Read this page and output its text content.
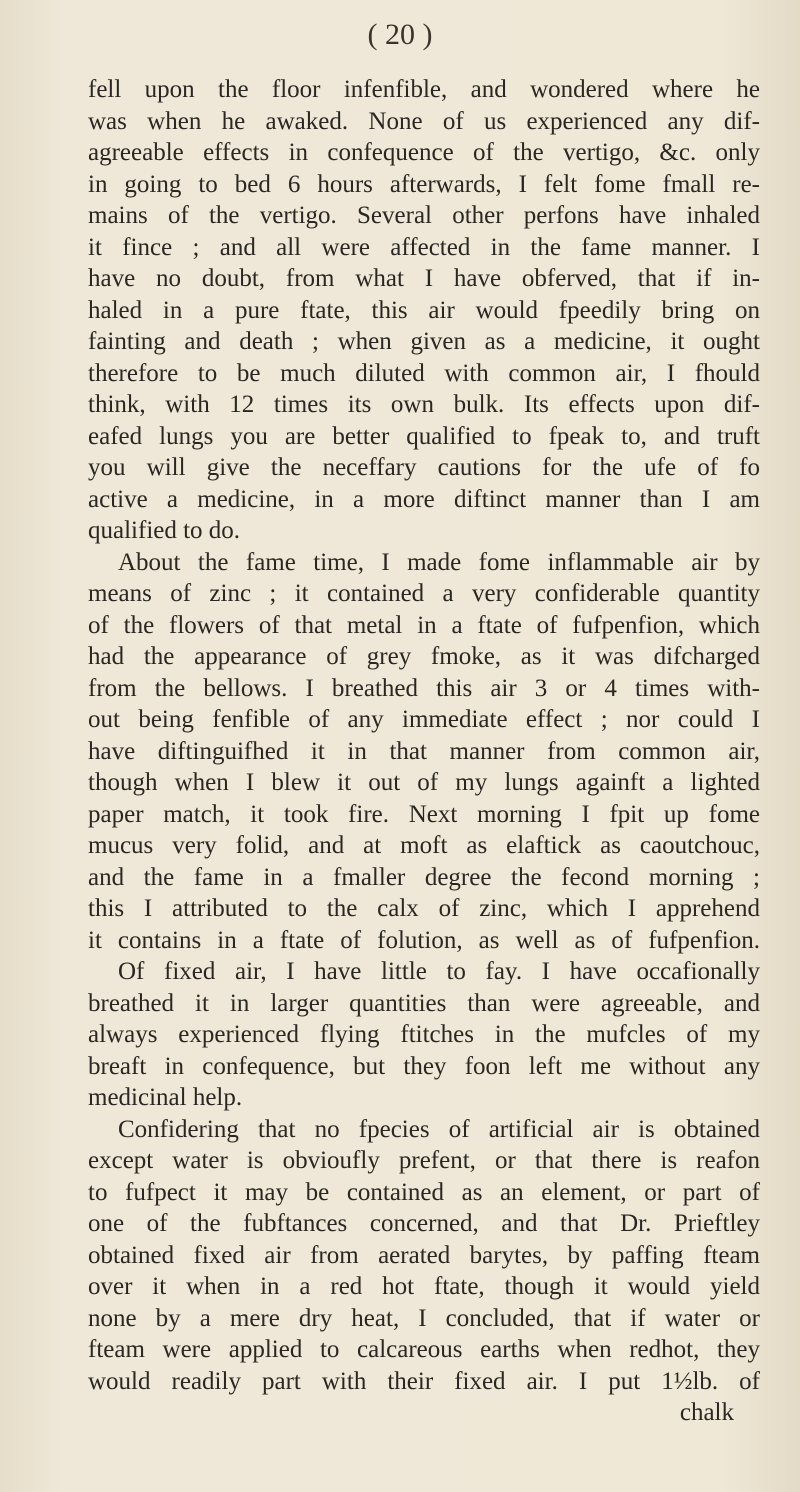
( 20 )
fell upon the floor infenfible, and wondered where he
was when he awaked. None of us experienced any dif-
agreeable effects in confequence of the vertigo, &c. only
in going to bed 6 hours afterwards, I felt fome fmall re-
mains of the vertigo. Several other perfons have inhaled
it fince ; and all were affected in the fame manner. I
have no doubt, from what I have obferved, that if in-
haled in a pure ftate, this air would fpeedily bring on
fainting and death ; when given as a medicine, it ought
therefore to be much diluted with common air, I fhould
think, with 12 times its own bulk. Its effects upon dif-
eafed lungs you are better qualified to fpeak to, and truft
you will give the neceffary cautions for the ufe of fo
active a medicine, in a more diftinct manner than I am
qualified to do.
About the fame time, I made fome inflammable air by
means of zinc ; it contained a very confiderable quantity
of the flowers of that metal in a ftate of fufpenfion, which
had the appearance of grey fmoke, as it was difcharged
from the bellows. I breathed this air 3 or 4 times with-
out being fenfible of any immediate effect ; nor could I
have diftinguifhed it in that manner from common air,
though when I blew it out of my lungs againft a lighted
paper match, it took fire. Next morning I fpit up fome
mucus very folid, and at moft as elaftick as caoutchouc,
and the fame in a fmaller degree the fecond morning ;
this I attributed to the calx of zinc, which I apprehend
it contains in a ftate of folution, as well as of fufpenfion.
Of fixed air, I have little to fay. I have occafionally
breathed it in larger quantities than were agreeable, and
always experienced flying ftitches in the mufcles of my
breaft in confequence, but they foon left me without any
medicinal help.
Confidering that no fpecies of artificial air is obtained
except water is obvioufly prefent, or that there is reafon
to fufpect it may be contained as an element, or part of
one of the fubftances concerned, and that Dr. Prieftley
obtained fixed air from aerated barytes, by paffing fteam
over it when in a red hot ftate, though it would yield
none by a mere dry heat, I concluded, that if water or
fteam were applied to calcareous earths when redhot, they
would readily part with their fixed air. I put 1½lb. of
chalk
